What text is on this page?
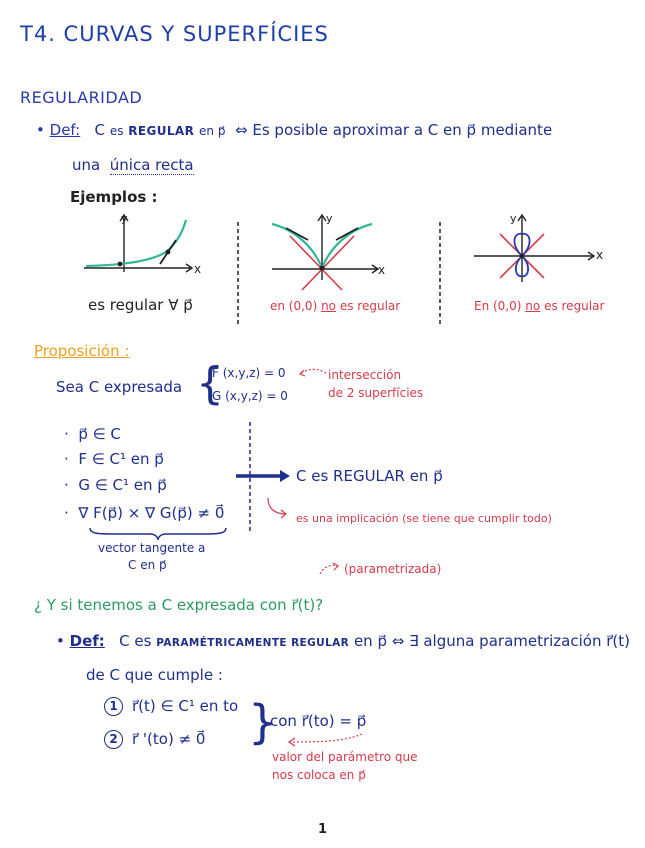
T4. CURVAS Y SUPERFÍCIES
REGULARIDAD
• Def: C es REGULAR en p⃗ ⇔ Es posible aproximar a C en p⃗ mediante
una única recta
Ejemplos :
y
x
es regular ∀ p⃗
y
x
en (0,0) no es regular
y
x
En (0,0) no es regular
Proposición :
Sea C expresada {
F (x,y,z) = 0
G (x,y,z) = 0
intersección
de 2 superfícies
·  p⃗ ∈ C
·  F ∈ C¹ en p⃗
·  G ∈ C¹ en p⃗
·  ∇ F(p⃗) × ∇ G(p⃗) ≠ 0⃗
vector tangente a
C en p⃗
C es REGULAR en p⃗
es una implicación (se tiene que cumplir todo)
(parametrizada)
¿ Y si tenemos a C expresada con r⃗(t)?
• Def: C es PARAMÉTRICAMENTE REGULAR en p⃗ ⇔ ∃ alguna parametrización r⃗(t)
de C que cumple :
1 r⃗(t) ∈ C¹ en to
2 r⃗ '(to) ≠ 0⃗ }
con r⃗(to) = p⃗
valor del parámetro que
nos coloca en p⃗
1
